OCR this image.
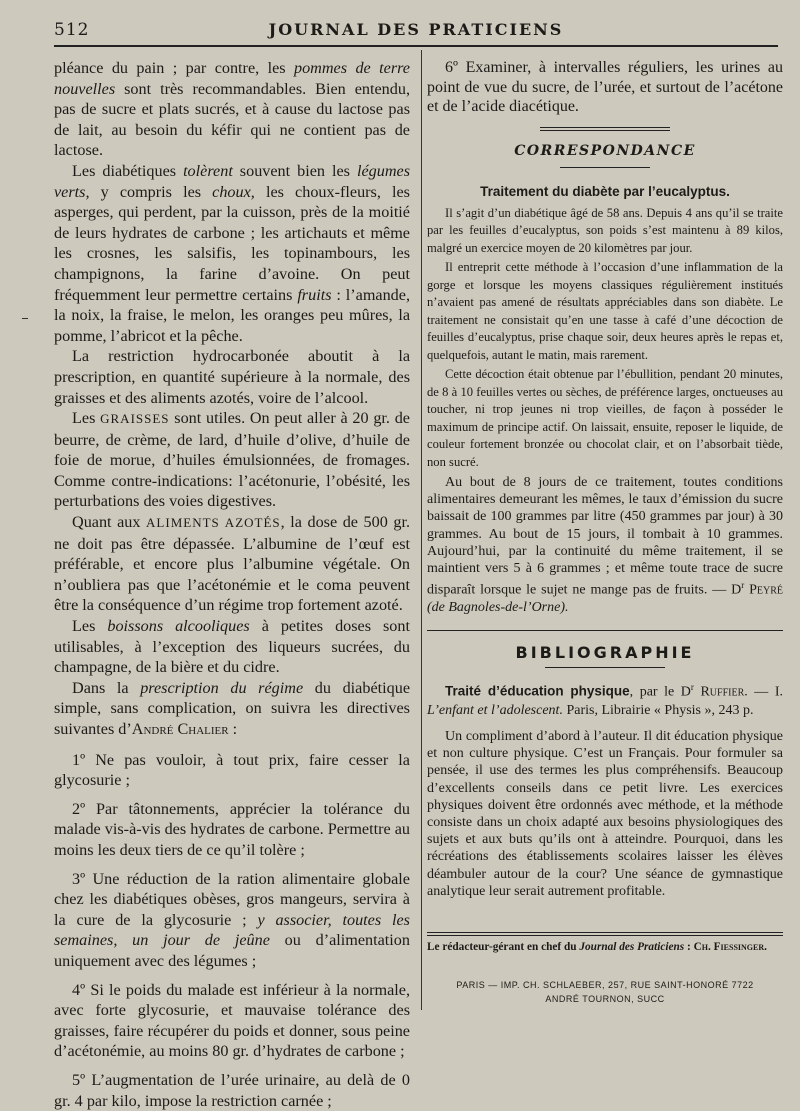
512	JOURNAL DES PRATICIENS

pléance du pain ; par contre, les pommes de terre nouvelles sont très recommandables. Bien entendu, pas de sucre et plats sucrés, et à cause du lactose pas de lait, au besoin du kéfir qui ne contient pas de lactose.

Les diabétiques tolèrent souvent bien les légumes verts, y compris les choux, les choux-fleurs, les asperges, qui perdent, par la cuisson, près de la moitié de leurs hydrates de carbone ; les artichauts et même les crosnes, les salsifis, les topinambours, les champignons, la farine d’avoine. On peut fréquemment leur permettre certains fruits : l’amande, la noix, la fraise, le melon, les oranges peu mûres, la pomme, l’abricot et la pêche.

La restriction hydrocarbonée aboutit à la prescription, en quantité supérieure à la normale, des graisses et des aliments azotés, voire de l’alcool.

Les GRAISSES sont utiles. On peut aller à 20 gr. de beurre, de crème, de lard, d’huile d’olive, d’huile de foie de morue, d’huiles émulsionnées, de fromages. Comme contre-indications: l’acétonurie, l’obésité, les perturbations des voies digestives.

Quant aux ALIMENTS AZOTÉS, la dose de 500 gr. ne doit pas être dépassée. L’albumine de l’œuf est préférable, et encore plus l’albumine végétale. On n’oubliera pas que l’acétonémie et le coma peuvent être la conséquence d’un régime trop fortement azoté.

Les boissons alcooliques à petites doses sont utilisables, à l’exception des liqueurs sucrées, du champagne, de la bière et du cidre.

Dans la prescription du régime du diabétique simple, sans complication, on suivra les directives suivantes d’André Chalier :

1º Ne pas vouloir, à tout prix, faire cesser la glycosurie ;

2º Par tâtonnements, apprécier la tolérance du malade vis-à-vis des hydrates de carbone. Permettre au moins les deux tiers de ce qu’il tolère ;

3º Une réduction de la ration alimentaire globale chez les diabétiques obèses, gros mangeurs, servira à la cure de la glycosurie ; y associer, toutes les semaines, un jour de jeûne ou d’alimentation uniquement avec des légumes ;

4º Si le poids du malade est inférieur à la normale, avec forte glycosurie, et mauvaise tolérance des graisses, faire récupérer du poids et donner, sous peine d’acétonémie, au moins 80 gr. d’hydrates de carbone ;

5º L’augmentation de l’urée urinaire, au delà de 0 gr. 4 par kilo, impose la restriction carnée ;

6º Examiner, à intervalles réguliers, les urines au point de vue du sucre, de l’urée, et surtout de l’acétone et de l’acide diacétique.

CORRESPONDANCE
Traitement du diabète par l’eucalyptus.

Il s’agit d’un diabétique âgé de 58 ans. Depuis 4 ans qu’il se traite par les feuilles d’eucalyptus, son poids s’est maintenu à 89 kilos, malgré un exercice moyen de 20 kilomètres par jour.

Il entreprit cette méthode à l’occasion d’une inflammation de la gorge et lorsque les moyens classiques régulièrement institués n’avaient pas amené de résultats appréciables dans son diabète. Le traitement ne consistait qu’en une tasse à café d’une décoction de feuilles d’eucalyptus, prise chaque soir, deux heures après le repas et, quelquefois, autant le matin, mais rarement.

Cette décoction était obtenue par l’ébullition, pendant 20 minutes, de 8 à 10 feuilles vertes ou sèches, de préférence larges, onctueuses au toucher, ni trop jeunes ni trop vieilles, de façon à posséder le maximum de principe actif. On laissait, ensuite, reposer le liquide, de couleur fortement bronzée ou chocolat clair, et on l’absorbait tiède, non sucré.

Au bout de 8 jours de ce traitement, toutes conditions alimentaires demeurant les mêmes, le taux d’émission du sucre baissait de 100 grammes par litre (450 grammes par jour) à 30 grammes. Au bout de 15 jours, il tombait à 10 grammes. Aujourd’hui, par la continuité du même traitement, il se maintient vers 5 à 6 grammes ; et même toute trace de sucre disparaît lorsque le sujet ne mange pas de fruits. — $D^r$ Peyré (de Bagnoles-de-l’Orne).

BIBLIOGRAPHIE
Traité d’éducation physique, par le $D^r$ Ruffier. — I. L’enfant et l’adolescent. Paris, Librairie « Physis », 243 p.

Un compliment d’abord à l’auteur. Il dit éducation physique et non culture physique. C’est un Français. Pour formuler sa pensée, il use des termes les plus compréhensifs. Beaucoup d’excellents conseils dans ce petit livre. Les exercices physiques doivent être ordonnés avec méthode, et la méthode consiste dans un choix adapté aux besoins physiologiques des sujets et aux buts qu’ils ont à atteindre. Pourquoi, dans les récréations des établissements scolaires laisser les élèves déambuler autour de la cour? Une séance de gymnastique analytique leur serait autrement profitable.

Le rédacteur-gérant en chef du Journal des Praticiens : Ch. Fiessinger.
PARIS — IMP. CH. SCHLAEBER, 257, RUE SAINT-HONORÉ 7722
ANDRÉ TOURNON, SUCC
